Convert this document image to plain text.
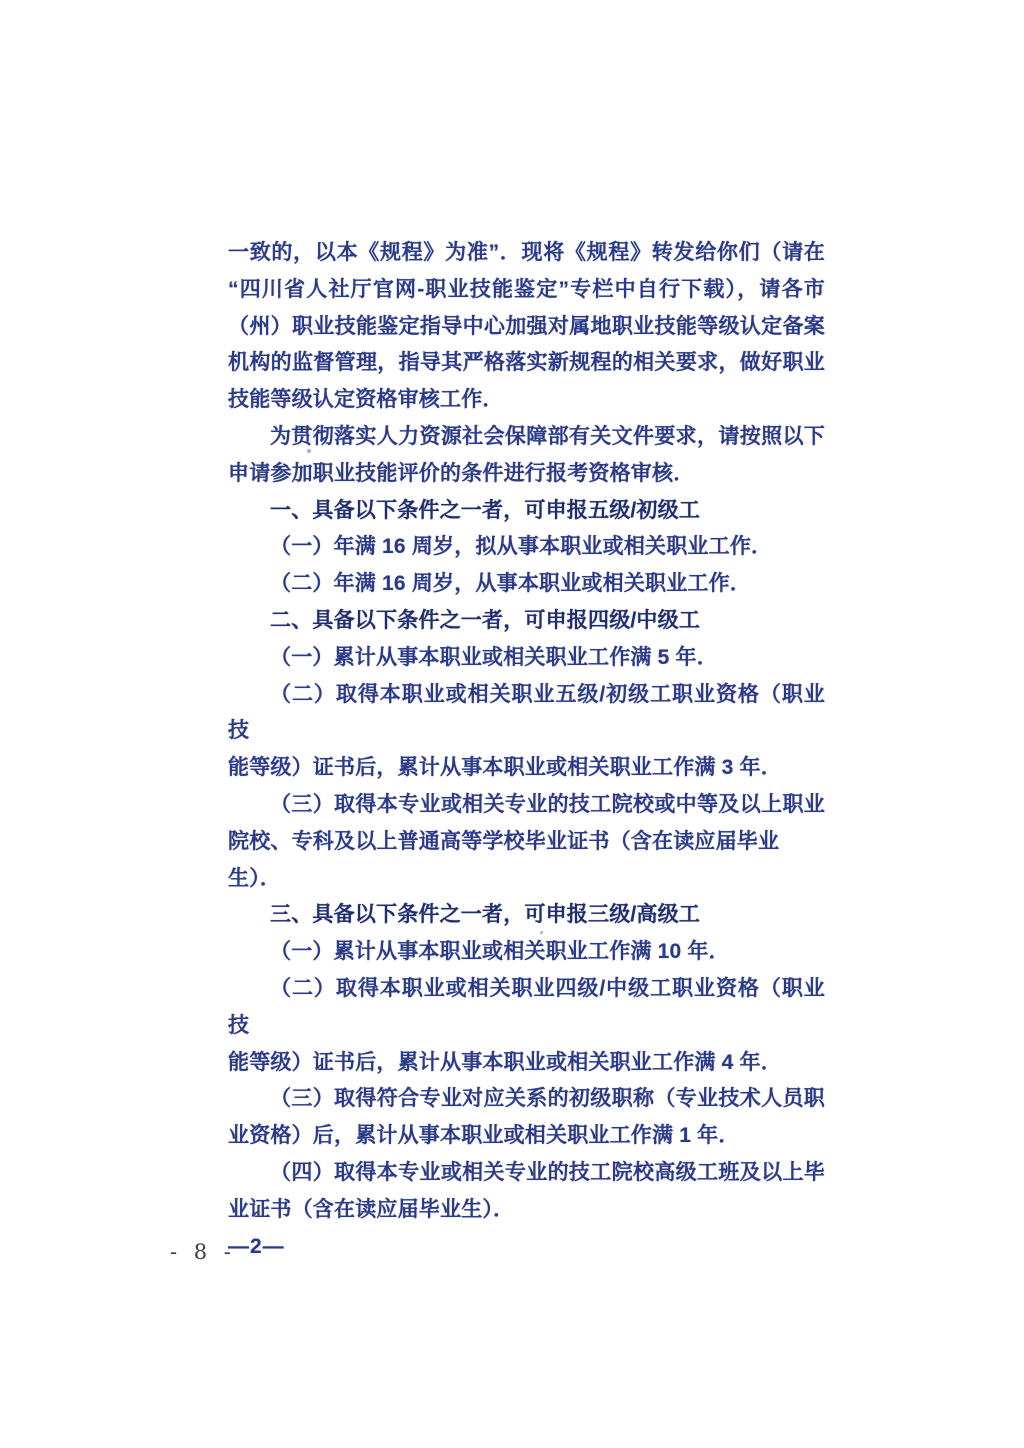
一致的，以本《规程》为准”．现将《规程》转发给你们（请在
“四川省人社厅官网-职业技能鉴定”专栏中自行下载），请各市
（州）职业技能鉴定指导中心加强对属地职业技能等级认定备案
机构的监督管理，指导其严格落实新规程的相关要求，做好职业
技能等级认定资格审核工作．
为贯彻落实人力资源社会保障部有关文件要求，请按照以下
申请参加职业技能评价的条件进行报考资格审核．
一、具备以下条件之一者，可申报五级/初级工
（一）年满 16 周岁，拟从事本职业或相关职业工作．
（二）年满 16 周岁，从事本职业或相关职业工作．
二、具备以下条件之一者，可申报四级/中级工
（一）累计从事本职业或相关职业工作满 5 年．
（二）取得本职业或相关职业五级/初级工职业资格（职业技
能等级）证书后，累计从事本职业或相关职业工作满 3 年．
（三）取得本专业或相关专业的技工院校或中等及以上职业
院校、专科及以上普通高等学校毕业证书（含在读应届毕业生）．
三、具备以下条件之一者，可申报三级/高级工
（一）累计从事本职业或相关职业工作满 10 年．
（二）取得本职业或相关职业四级/中级工职业资格（职业技
能等级）证书后，累计从事本职业或相关职业工作满 4 年．
（三）取得符合专业对应关系的初级职称（专业技术人员职
业资格）后，累计从事本职业或相关职业工作满 1 年．
（四）取得本专业或相关专业的技工院校高级工班及以上毕
业证书（含在读应届毕业生）．
—2—
- 8 -
